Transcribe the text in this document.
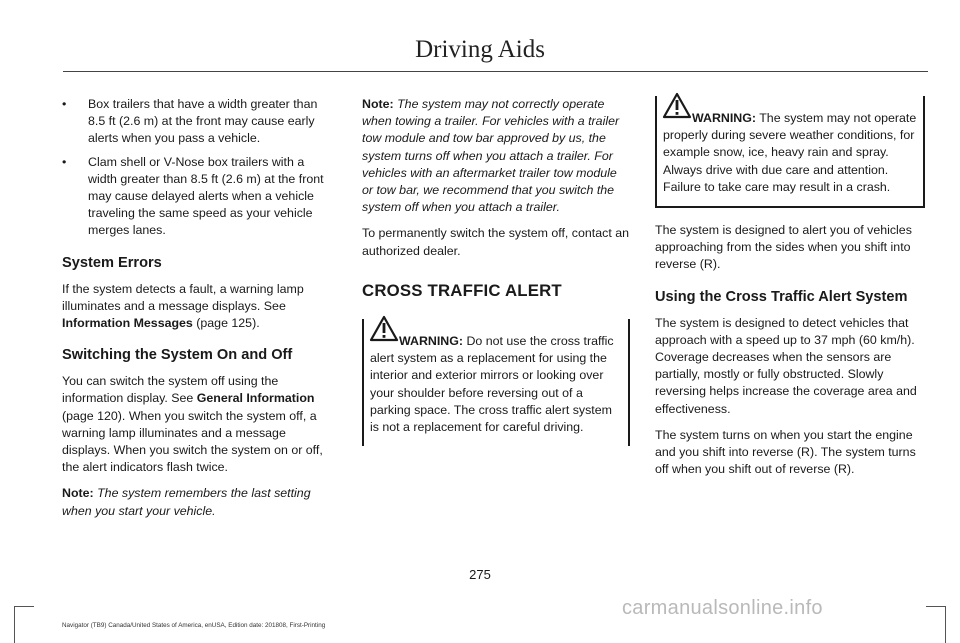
Driving Aids
• Box trailers that have a width greater than 8.5 ft (2.6 m) at the front may cause early alerts when you pass a vehicle.
• Clam shell or V-Nose box trailers with a width greater than 8.5 ft (2.6 m) at the front may cause delayed alerts when a vehicle traveling the same speed as your vehicle merges lanes.
System Errors

If the system detects a fault, a warning lamp illuminates and a message displays. See Information Messages (page 125).

Switching the System On and Off

You can switch the system off using the information display. See General Information (page 120). When you switch the system off, a warning lamp illuminates and a message displays. When you switch the system on or off, the alert indicators flash twice.

Note: The system remembers the last setting when you start your vehicle.

Note: The system may not correctly operate when towing a trailer. For vehicles with a trailer tow module and tow bar approved by us, the system turns off when you attach a trailer. For vehicles with an aftermarket trailer tow module or tow bar, we recommend that you switch the system off when you attach a trailer.

To permanently switch the system off, contact an authorized dealer.

CROSS TRAFFIC ALERT
WARNING: Do not use the cross traffic alert system as a replacement for using the interior and exterior mirrors or looking over your shoulder before reversing out of a parking space. The cross traffic alert system is not a replacement for careful driving.
WARNING: The system may not operate properly during severe weather conditions, for example snow, ice, heavy rain and spray. Always drive with due care and attention. Failure to take care may result in a crash.

The system is designed to alert you of vehicles approaching from the sides when you shift into reverse (R).

Using the Cross Traffic Alert System

The system is designed to detect vehicles that approach with a speed up to 37 mph (60 km/h). Coverage decreases when the sensors are partially, mostly or fully obstructed. Slowly reversing helps increase the coverage area and effectiveness.

The system turns on when you start the engine and you shift into reverse (R). The system turns off when you shift out of reverse (R).

275
Navigator (TB9) Canada/United States of America, enUSA, Edition date: 201808, First-Printing
carmanualsonline.info
